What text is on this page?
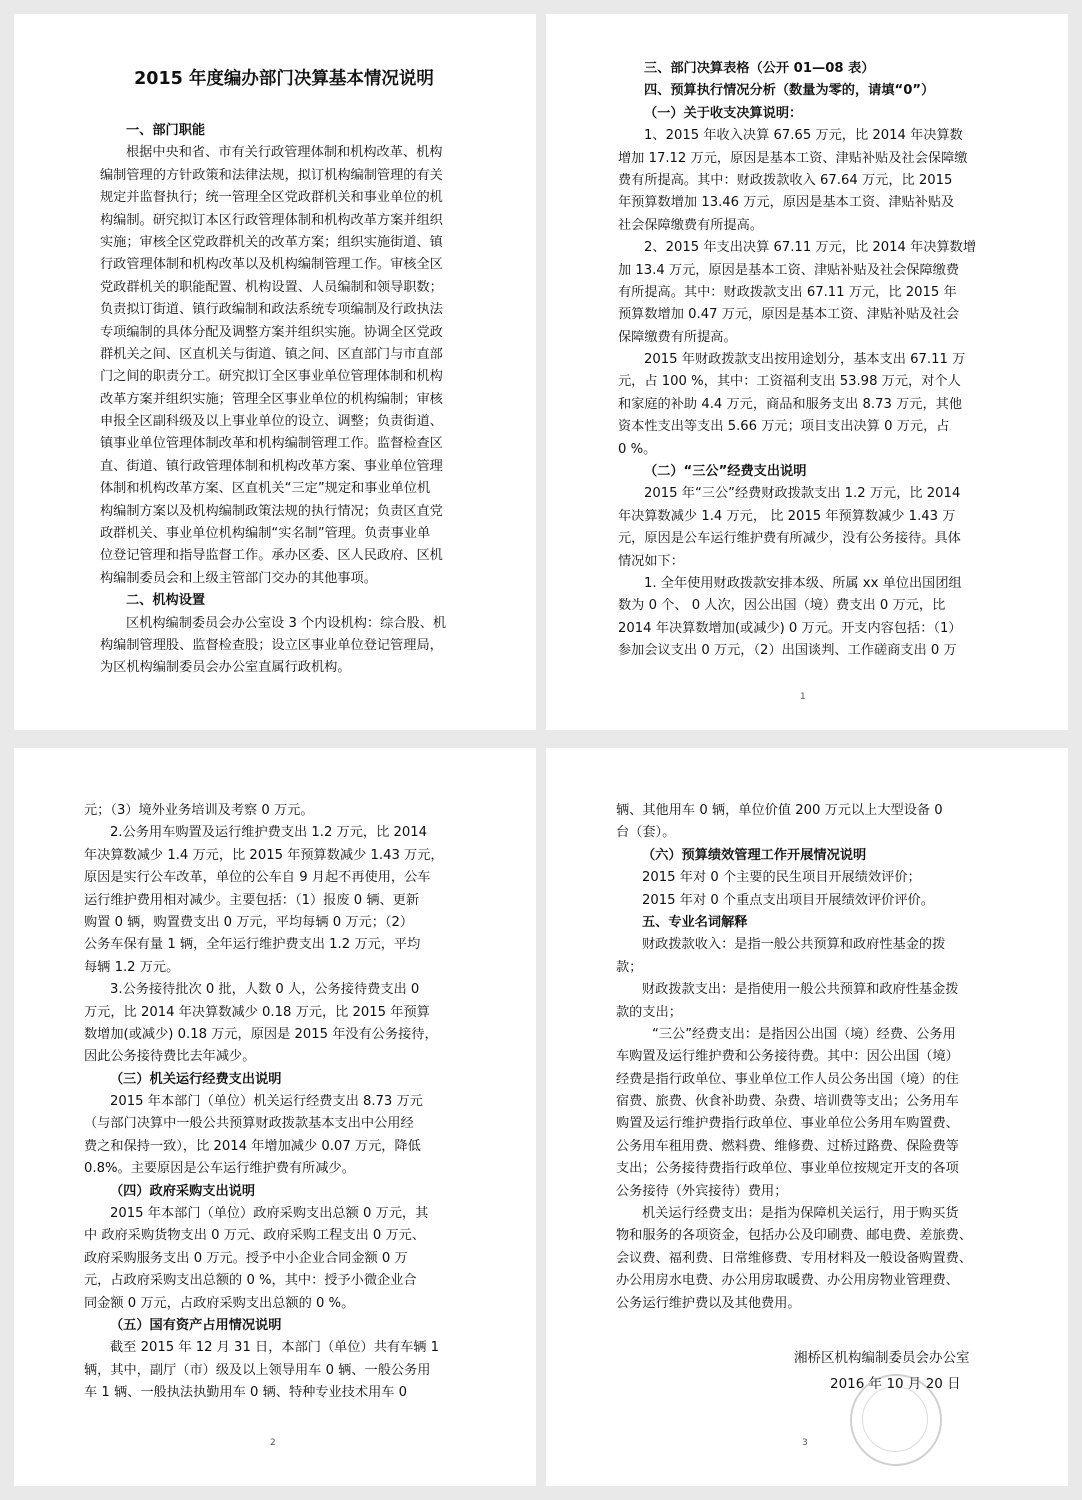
2015 年度编办部门决算基本情况说明
一、部门职能
根据中央和省、市有关行政管理体制和机构改革、机构
编制管理的方针政策和法律法规，拟订机构编制管理的有关
规定并监督执行；统一管理全区党政群机关和事业单位的机
构编制。研究拟订本区行政管理体制和机构改革方案并组织
实施；审核全区党政群机关的改革方案；组织实施街道、镇
行政管理体制和机构改革以及机构编制管理工作。审核全区
党政群机关的职能配置、机构设置、人员编制和领导职数；
负责拟订街道、镇行政编制和政法系统专项编制及行政执法
专项编制的具体分配及调整方案并组织实施。协调全区党政
群机关之间、区直机关与街道、镇之间、区直部门与市直部
门之间的职责分工。研究拟订全区事业单位管理体制和机构
改革方案并组织实施；管理全区事业单位的机构编制；审核
申报全区副科级及以上事业单位的设立、调整；负责街道、
镇事业单位管理体制改革和机构编制管理工作。监督检查区
直、街道、镇行政管理体制和机构改革方案、事业单位管理
体制和机构改革方案、区直机关“三定”规定和事业单位机
构编制方案以及机构编制政策法规的执行情况；负责区直党
政群机关、事业单位机构编制“实名制”管理。负责事业单
位登记管理和指导监督工作。承办区委、区人民政府、区机
构编制委员会和上级主管部门交办的其他事项。
二、机构设置
区机构编制委员会办公室设 3 个内设机构：综合股、机
构编制管理股、监督检查股；设立区事业单位登记管理局，
为区机构编制委员会办公室直属行政机构。
三、部门决算表格（公开 01—08 表）
四、预算执行情况分析（数量为零的，请填“0”）
（一）关于收支决算说明：
1、2015 年收入决算 67.65 万元，比 2014 年决算数
增加 17.12 万元，原因是基本工资、津贴补贴及社会保障缴
费有所提高。其中：财政拨款收入 67.64 万元，比 2015
年预算数增加 13.46 万元，原因是基本工资、津贴补贴及
社会保障缴费有所提高。
2、2015 年支出决算 67.11 万元，比 2014 年决算数增
加 13.4 万元，原因是基本工资、津贴补贴及社会保障缴费
有所提高。其中：财政拨款支出 67.11 万元，比 2015 年
预算数增加 0.47 万元，原因是基本工资、津贴补贴及社会
保障缴费有所提高。
2015 年财政拨款支出按用途划分，基本支出 67.11 万
元，占 100 %，其中：工资福利支出 53.98 万元，对个人
和家庭的补助 4.4 万元，商品和服务支出 8.73 万元，其他
资本性支出等支出 5.66 万元；项目支出决算 0 万元，占
0 %。
（二）“三公”经费支出说明
2015 年“三公”经费财政拨款支出 1.2 万元，比 2014
年决算数减少 1.4 万元， 比 2015 年预算数减少 1.43 万
元，原因是公车运行维护费有所减少，没有公务接待。具体
情况如下：
1. 全年使用财政拨款安排本级、所属 xx 单位出国团组
数为 0 个、 0 人次，因公出国（境）费支出 0 万元，比
2014 年决算数增加(或减少) 0 万元。开支内容包括：（1）
参加会议支出 0 万元，（2）出国谈判、工作磋商支出 0 万
1
元；（3）境外业务培训及考察 0 万元。
2.公务用车购置及运行维护费支出 1.2 万元，比 2014
年决算数减少 1.4 万元，比 2015 年预算数减少 1.43 万元，
原因是实行公车改革，单位的公车自 9 月起不再使用，公车
运行维护费用相对减少。主要包括：（1）报废 0 辆、更新
购置 0 辆，购置费支出 0 万元，平均每辆 0 万元；（2）
公务车保有量 1 辆，全年运行维护费支出 1.2 万元，平均
每辆 1.2 万元。
3.公务接待批次 0 批，人数 0 人，公务接待费支出 0
万元，比 2014 年决算数减少 0.18 万元，比 2015 年预算
数增加(或减少) 0.18 万元，原因是 2015 年没有公务接待，
因此公务接待费比去年减少。
（三）机关运行经费支出说明
2015 年本部门（单位）机关运行经费支出 8.73 万元
（与部门决算中一般公共预算财政拨款基本支出中公用经
费之和保持一致），比 2014 年增加减少 0.07 万元，降低
0.8%。主要原因是公车运行维护费有所减少。
（四）政府采购支出说明
2015 年本部门（单位）政府采购支出总额 0 万元，其
中 政府采购货物支出 0 万元、政府采购工程支出 0 万元、
政府采购服务支出 0 万元。授予中小企业合同金额 0 万
元，占政府采购支出总额的 0 %，其中：授予小微企业合
同金额 0 万元，占政府采购支出总额的 0 %。
（五）国有资产占用情况说明
截至 2015 年 12 月 31 日，本部门（单位）共有车辆 1
辆，其中，副厅（市）级及以上领导用车 0 辆、一般公务用
车 1 辆、一般执法执勤用车 0 辆、特种专业技术用车 0
2
辆、其他用车 0 辆，单位价值 200 万元以上大型设备 0
台（套）。
（六）预算绩效管理工作开展情况说明
2015 年对 0 个主要的民生项目开展绩效评价；
2015 年对 0 个重点支出项目开展绩效评价评价。
五、专业名词解释
财政拨款收入：是指一般公共预算和政府性基金的拨
款；
财政拨款支出：是指使用一般公共预算和政府性基金拨
款的支出；
“三公”经费支出：是指因公出国（境）经费、公务用
车购置及运行维护费和公务接待费。其中：因公出国（境）
经费是指行政单位、事业单位工作人员公务出国（境）的住
宿费、旅费、伙食补助费、杂费、培训费等支出；公务用车
购置及运行维护费指行政单位、事业单位公务用车购置费、
公务用车租用费、燃料费、维修费、过桥过路费、保险费等
支出；公务接待费指行政单位、事业单位按规定开支的各项
公务接待（外宾接待）费用；
机关运行经费支出：是指为保障机关运行，用于购买货
物和服务的各项资金，包括办公及印刷费、邮电费、差旅费、
会议费、福利费、日常维修费、专用材料及一般设备购置费、
办公用房水电费、办公用房取暖费、办公用房物业管理费、
公务运行维护费以及其他费用。
湘桥区机构编制委员会办公室
2016 年 10 月 20 日
3
